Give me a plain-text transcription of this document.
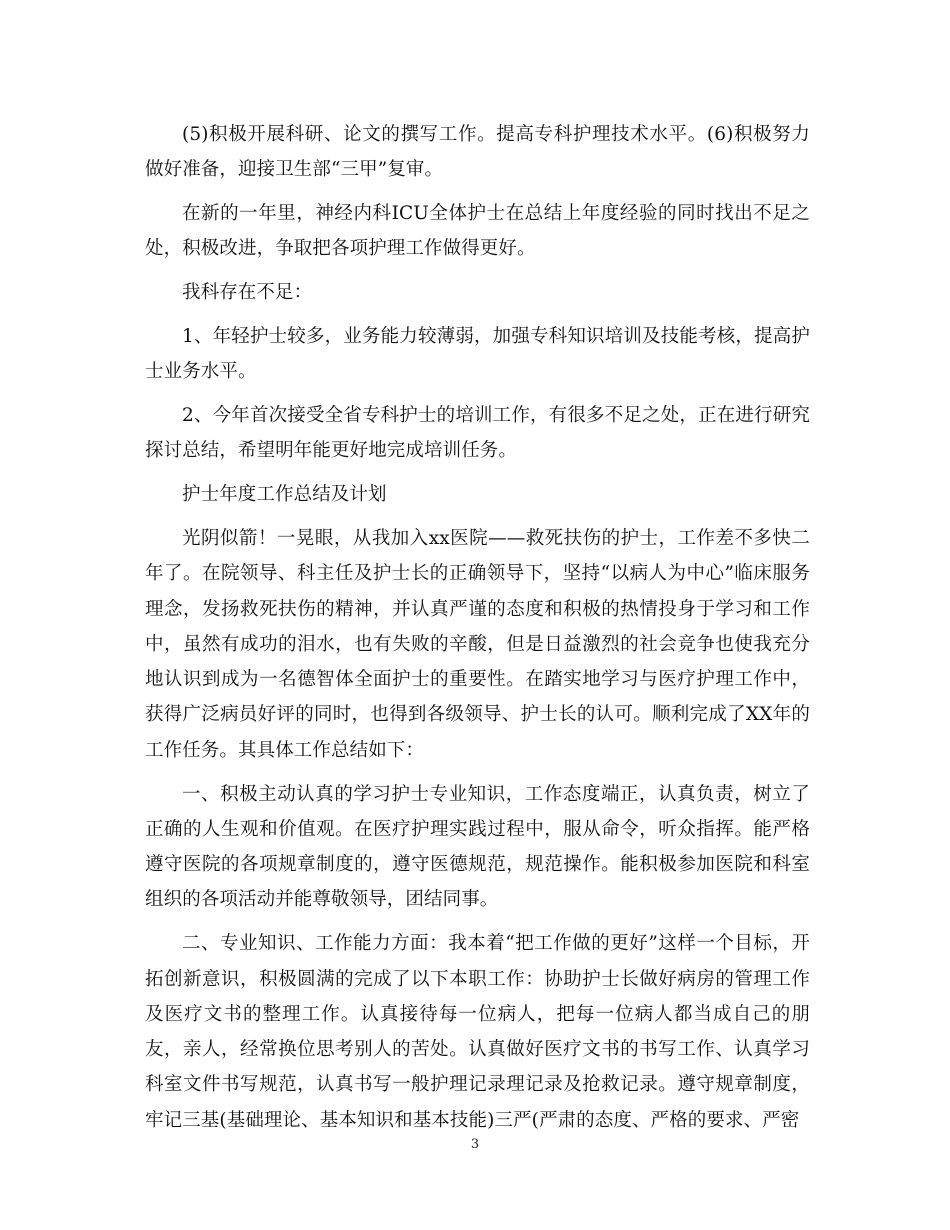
(5)积极开展科研、论文的撰写工作。提高专科护理技术水平。(6)积极努力做好准备，迎接卫生部“三甲”复审。

在新的一年里，神经内科ICU全体护士在总结上年度经验的同时找出不足之处，积极改进，争取把各项护理工作做得更好。

我科存在不足：

1、年轻护士较多，业务能力较薄弱，加强专科知识培训及技能考核，提高护士业务水平。

2、今年首次接受全省专科护士的培训工作，有很多不足之处，正在进行研究探讨总结，希望明年能更好地完成培训任务。

护士年度工作总结及计划

光阴似箭！一晃眼，从我加入xx医院——救死扶伤的护士，工作差不多快二年了。在院领导、科主任及护士长的正确领导下，坚持“以病人为中心”临床服务理念，发扬救死扶伤的精神，并认真严谨的态度和积极的热情投身于学习和工作中，虽然有成功的泪水，也有失败的辛酸，但是日益激烈的社会竞争也使我充分地认识到成为一名德智体全面护士的重要性。在踏实地学习与医疗护理工作中，获得广泛病员好评的同时，也得到各级领导、护士长的认可。顺利完成了XX年的工作任务。其具体工作总结如下：

一、积极主动认真的学习护士专业知识，工作态度端正，认真负责，树立了正确的人生观和价值观。在医疗护理实践过程中，服从命令，听众指挥。能严格遵守医院的各项规章制度的，遵守医德规范，规范操作。能积极参加医院和科室组织的各项活动并能尊敬领导，团结同事。

二、专业知识、工作能力方面：我本着“把工作做的更好”这样一个目标，开拓创新意识，积极圆满的完成了以下本职工作：协助护士长做好病房的管理工作及医疗文书的整理工作。认真接待每一位病人，把每一位病人都当成自己的朋友，亲人，经常换位思考别人的苦处。认真做好医疗文书的书写工作、认真学习科室文件书写规范，认真书写一般护理记录理记录及抢救记录。遵守规章制度，牢记三基(基础理论、基本知识和基本技能)三严(严肃的态度、严格的要求、严密

3
